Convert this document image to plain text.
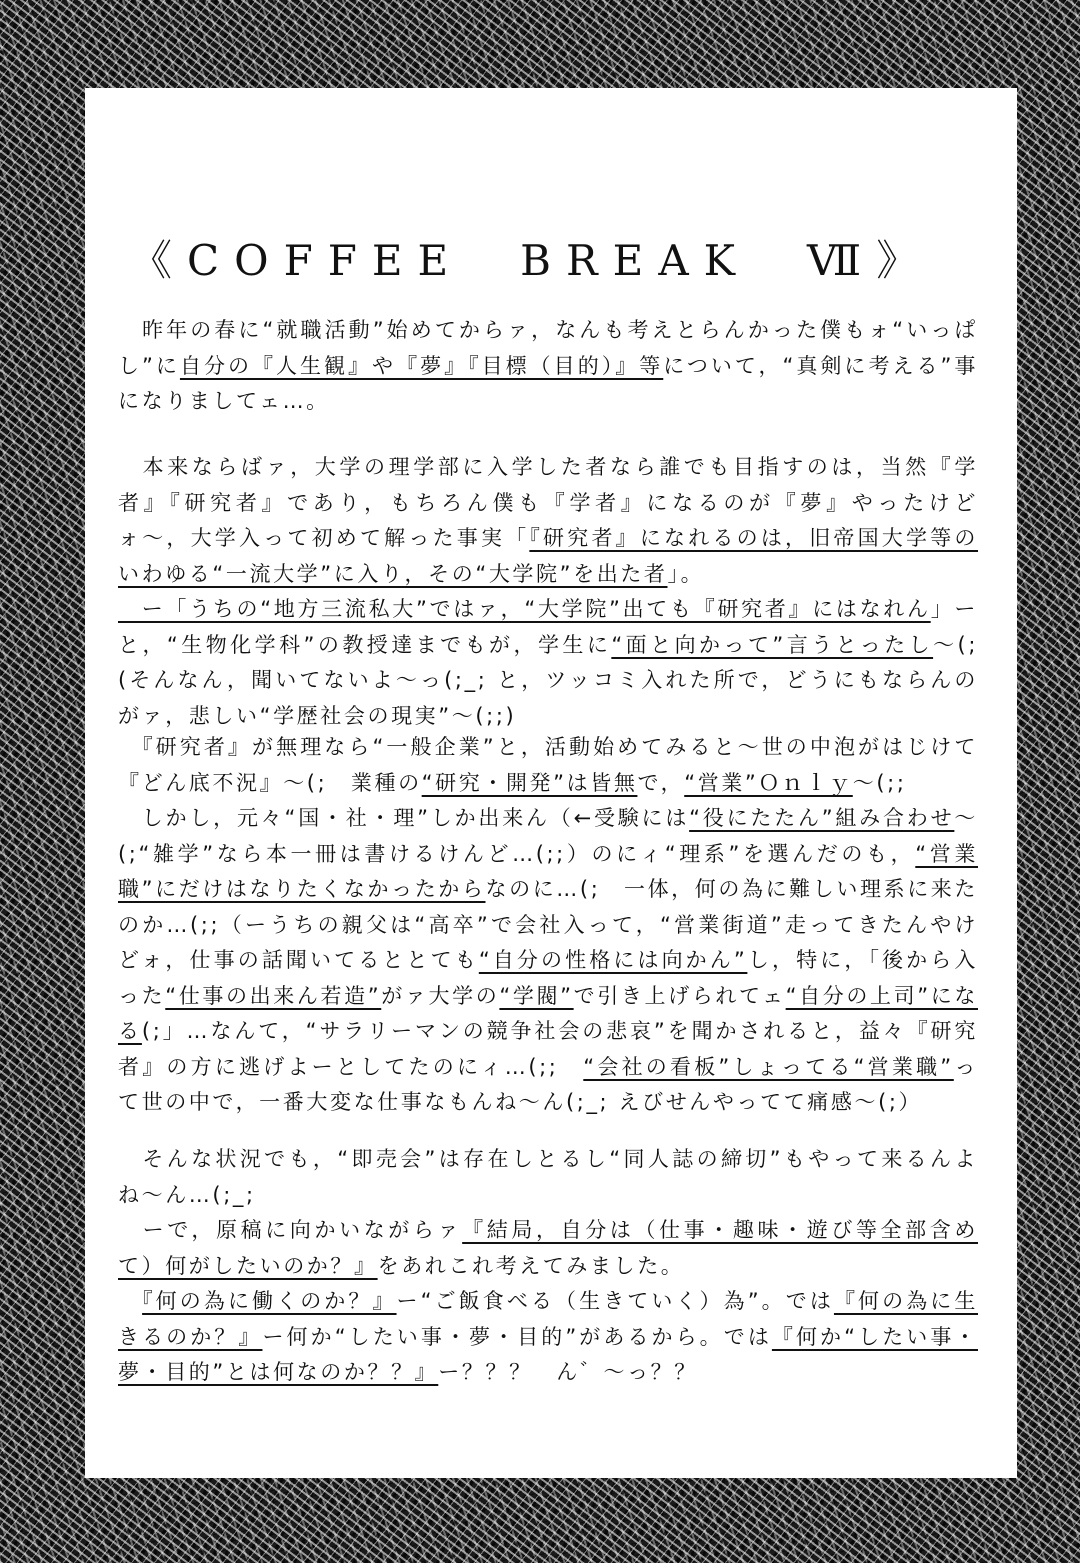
《COFFEE　BREAK　Ⅶ》
　昨年の春に“就職活動”始めてからァ，なんも考えとらんかった僕もォ“いっぱし”に自分の『人生観』や『夢』『目標（目的）』等について，“真剣に考える”事になりましてェ…。
　本来ならばァ，大学の理学部に入学した者なら誰でも目指すのは，当然『学者』『研究者』であり，もちろん僕も『学者』になるのが『夢』やったけどォ〜，大学入って初めて解った事実「『研究者』になれるのは，旧帝国大学等のいわゆる“一流大学”に入り，その“大学院”を出た者」。
　ー「うちの“地方三流私大”ではァ，“大学院”出ても『研究者』にはなれん」ーと，“生物化学科”の教授達までもが，学生に“面と向かって”言うとったし〜(;(そんなん，聞いてないよ〜っ(;_; と，ツッコミ入れた所で，どうにもならんのがァ，悲しい“学歴社会の現実”〜(;;)
　『研究者』が無理なら“一般企業”と，活動始めてみると〜世の中泡がはじけて『どん底不況』〜(;　業種の“研究・開発”は皆無で，“営業”Ｏｎｌｙ〜(;;
　しかし，元々“国・社・理”しか出来ん（←受験には“役にたたん”組み合わせ〜(;“雑学”なら本一冊は書けるけんど…(;;）のにィ“理系”を選んだのも，“営業職”にだけはなりたくなかったからなのに…(;　一体，何の為に難しい理系に来たのか…(;;（ーうちの親父は“高卒”で会社入って，“営業街道”走ってきたんやけどォ，仕事の話聞いてるととても“自分の性格には向かん”し，特に，「後から入った“仕事の出来ん若造”がァ大学の“学閥”で引き上げられてェ“自分の上司”になる(;」…なんて，“サラリーマンの競争社会の悲哀”を聞かされると，益々『研究者』の方に逃げよーとしてたのにィ…(;;　“会社の看板”しょってる“営業職”って世の中で，一番大変な仕事なもんね〜ん(;_; えびせんやってて痛感〜(;）
　そんな状況でも，“即売会”は存在しとるし“同人誌の締切”もやって来るんよね〜ん…(;_;
　ーで，原稿に向かいながらァ『結局，自分は（仕事・趣味・遊び等全部含めて）何がしたいのか？』をあれこれ考えてみました。
　『何の為に働くのか？』ー“ご飯食べる（生きていく）為”。では『何の為に生きるのか？』ー何か“したい事・夢・目的”があるから。では『何か“したい事・夢・目的”とは何なのか？？』ー？？？　ん゛〜っ？？
